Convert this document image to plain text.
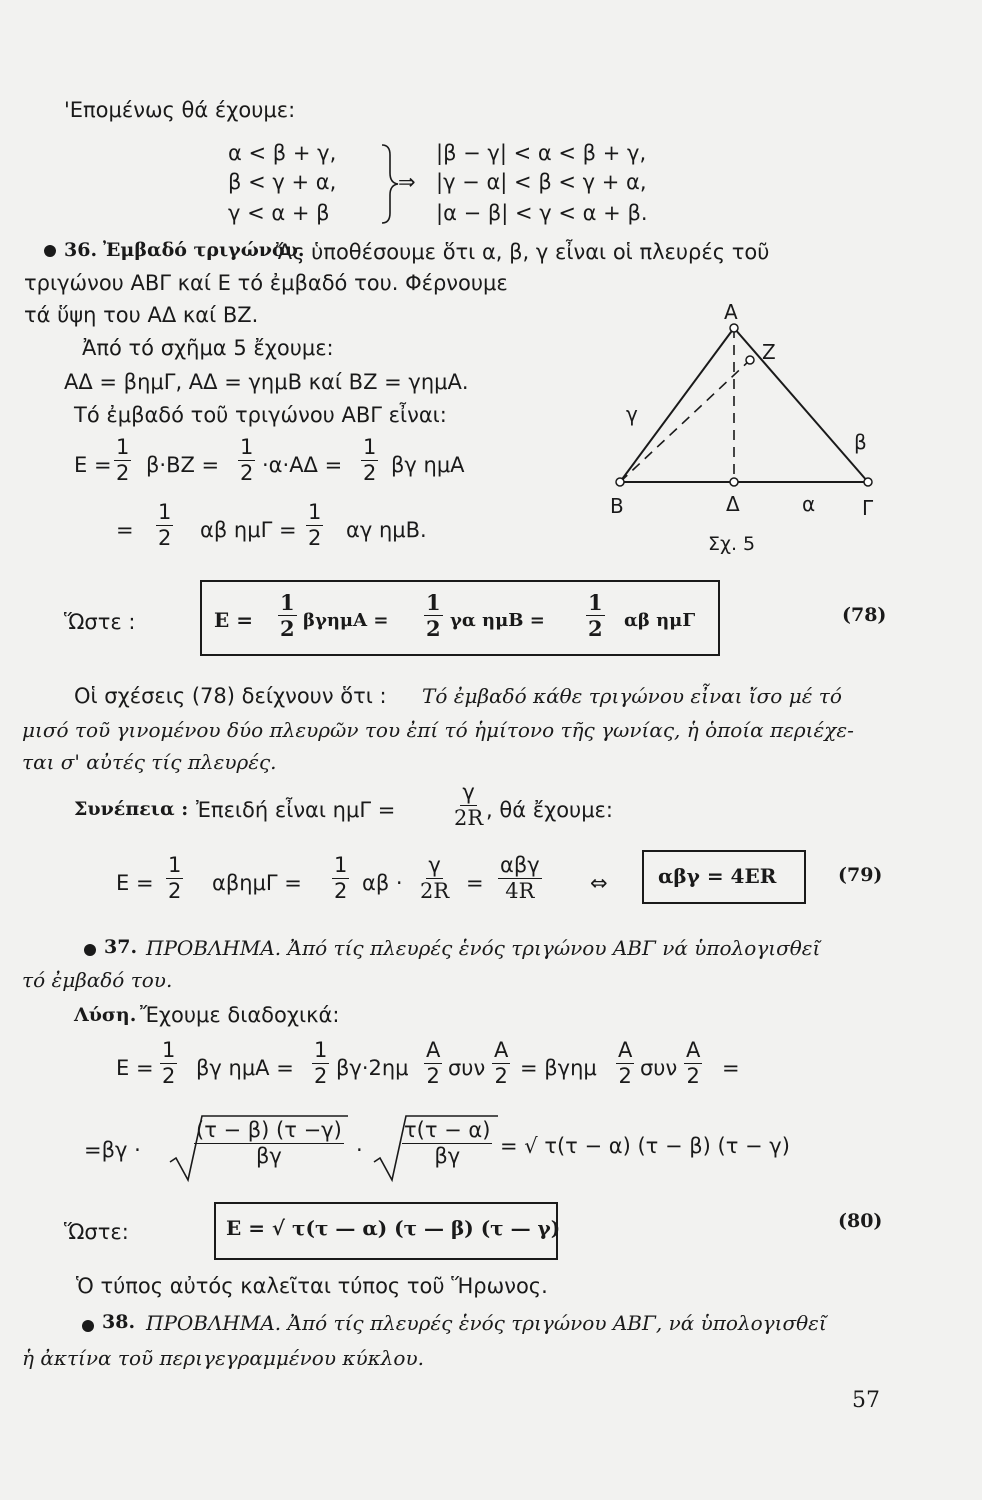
'Επομένως θά έχουμε:
α < β + γ,
β < γ + α,
γ < α + β
⇒
|β − γ| < α < β + γ,
|γ − α| < β < γ + α,
|α − β| < γ < α + β.
36. Ἐμβαδό τριγώνου.
Ἄς ὑποθέσουμε ὅτι α, β, γ εἶναι οἱ πλευρές τοῦ
τριγώνου ΑΒΓ καί Ε τό ἐμβαδό του. Φέρνουμε
τά ὕψη του ΑΔ καί ΒΖ.
Ἀπό τό σχῆμα 5 ἔχουμε:
ΑΔ = βημΓ, ΑΔ = γημΒ καί ΒΖ = γημΑ.
Τό ἐμβαδό τοῦ τριγώνου ΑΒΓ εἶναι:
$E = \frac{1}{2} \beta\cdot BZ = \frac{1}{2} \cdot\alpha\cdot A\Delta = \frac{1}{2}$ βγ ημΑ
= $\frac{1}{2}$ αβ $\eta\mu\Gamma = \frac{1}{2}$ αγ ημΒ.
Α
Ζ
γ
β
Β	Δ	α Γ
Σχ. 5
Ὥστε :	$E = \frac{1}{2}$ $\beta\gamma\eta\mu A = \frac{1}{2}$ γα $\eta\mu B = \frac{1}{2}$ αβ ημΓ	(78)
Οἱ σχέσεις (78) δείχνουν ὅτι : Τό ἐμβαδό κάθε τριγώνου εἶναι ἴσο μέ τό
μισό τοῦ γινομένου δύο πλευρῶν του ἐπί τό ἡμίτονο τῆς γωνίας, ἡ ὁποία περιέχε-
ται σ' αὐτές τίς πλευρές.
Συνέπεια : Ἐπειδή εἶναι ημΓ =	$\frac{\gamma}{2R}$ , θά ἔχουμε:
$E = \frac{1}{2}$ $\alpha\beta\eta\mu\Gamma = \frac{1}{2}$ $\alpha\beta \cdot \frac{\gamma}{2R}$ =
αβγ
4R	⇔	αβγ = 4ER	(79)
37. ΠΡΟΒΛΗΜΑ. Ἀπό τίς πλευρές ἑνός τριγώνου ΑΒΓ νά ὑπολογισθεῖ
τό ἐμβαδό του.
Λύση. Ἔχουμε διαδοχικά:
$E = \frac{1}{2}$ βγ $\eta\mu A = \frac{1}{2} \beta\gamma\cdot 2\eta\mu \frac{A}{2}$ συν $\frac{A}{2} = \beta\gamma\eta\mu \frac{A}{2}$ συν $\frac{A}{2}$ =
=βγ ·	$\frac{(\tau - \beta) (\tau -\gamma)}{\beta\gamma} \cdot \frac{\tau(\tau - \alpha)}{\beta\gamma}$ = √ τ(τ − α) (τ − β) (τ − γ)
Ὥστε:	Ε = √ τ(τ — α) (τ — β) (τ — γ)	(80)
Ὁ τύπος αὐτός καλεῖται τύπος τοῦ Ἥρωνος.
38. ΠΡΟΒΛΗΜΑ. Ἀπό τίς πλευρές ἑνός τριγώνου ΑΒΓ, νά ὑπολογισθεῖ
ἡ ἀκτίνα τοῦ περιγεγραμμένου κύκλου.
57
